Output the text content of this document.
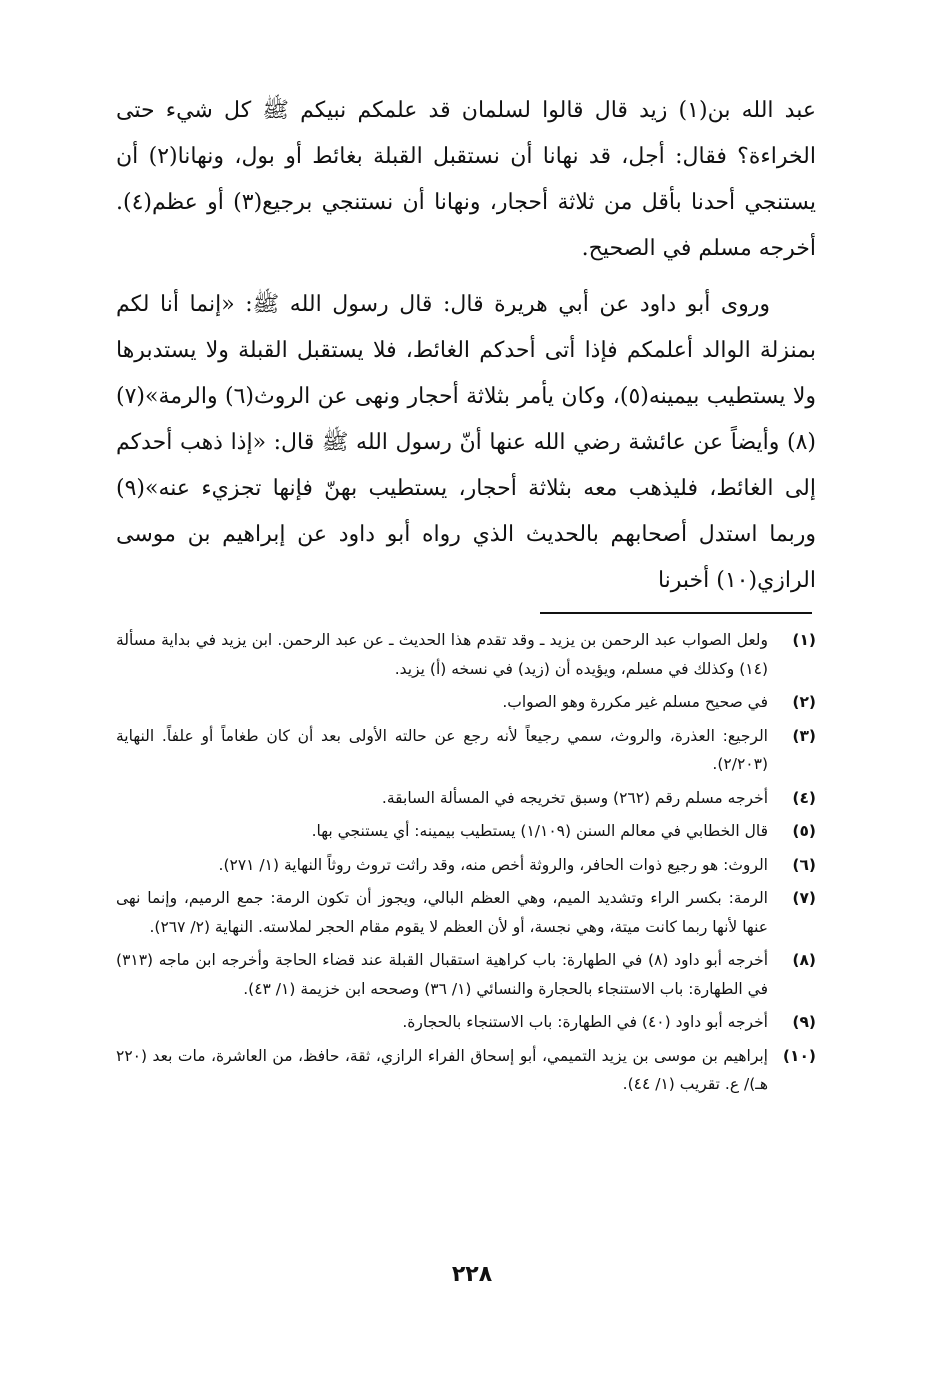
عبد الله بن(١) زيد قال قالوا لسلمان قد علمكم نبيكم ﷺ كل شيء حتى الخراءة؟ فقال: أجل، قد نهانا أن نستقبل القبلة بغائط أو بول، ونهانا(٢) أن يستنجي أحدنا بأقل من ثلاثة أحجار، ونهانا أن نستنجي برجيع(٣) أو عظم(٤). أخرجه مسلم في الصحيح.

وروى أبو داود عن أبي هريرة قال: قال رسول الله ﷺ: «إنما أنا لكم بمنزلة الوالد أعلمكم فإذا أتى أحدكم الغائط، فلا يستقبل القبلة ولا يستدبرها ولا يستطيب بيمينه(٥)، وكان يأمر بثلاثة أحجار ونهى عن الروث(٦) والرمة»(٧)(٨) وأيضاً عن عائشة رضي الله عنها أنّ رسول الله ﷺ قال: «إذا ذهب أحدكم إلى الغائط، فليذهب معه بثلاثة أحجار، يستطيب بهنّ فإنها تجزيء عنه»(٩) وربما استدل أصحابهم بالحديث الذي رواه أبو داود عن إبراهيم بن موسى الرازي(١٠) أخبرنا

(١)
ولعل الصواب عبد الرحمن بن يزيد ـ وقد تقدم هذا الحديث ـ عن عبد الرحمن. ابن يزيد في بداية مسألة (١٤) وكذلك في مسلم، ويؤيده أن (زيد) في نسخه (أ) يزيد.
(٢)
في صحيح مسلم غير مكررة وهو الصواب.
(٣)
الرجيع: العذرة، والروث، سمي رجيعاً لأنه رجع عن حالته الأولى بعد أن كان طغاماً أو علفاً. النهاية (٢/٢٠٣).
(٤)
أخرجه مسلم رقم (٢٦٢) وسبق تخريجه في المسألة السابقة.
(٥)
قال الخطابي في معالم السنن (١/١٠٩) يستطيب بيمينه: أي يستنجي بها.
(٦)
الروث: هو رجيع ذوات الحافر، والروثة أخص منه، وقد راثت تروث روثاً النهاية (١/ ٢٧١).
(٧)
الرمة: بكسر الراء وتشديد الميم، وهي العظم البالي، ويجوز أن تكون الرمة: جمع الرميم، وإنما نهى عنها لأنها ربما كانت ميتة، وهي نجسة، أو لأن العظم لا يقوم مقام الحجر لملاسته. النهاية (٢/ ٢٦٧).
(٨)
أخرجه أبو داود (٨) في الطهارة: باب كراهية استقبال القبلة عند قضاء الحاجة وأخرجه ابن ماجه (٣١٣) في الطهارة: باب الاستنجاء بالحجارة والنسائي (١/ ٣٦) وصححه ابن خزيمة (١/ ٤٣).
(٩)
أخرجه أبو داود (٤٠) في الطهارة: باب الاستنجاء بالحجارة.
(١٠)
إبراهيم بن موسى بن يزيد التميمي، أبو إسحاق الفراء الرازي، ثقة، حافظ، من العاشرة، مات بعد (٢٢٠ هـ)/ ع. تقريب (١/ ٤٤).
٢٢٨
